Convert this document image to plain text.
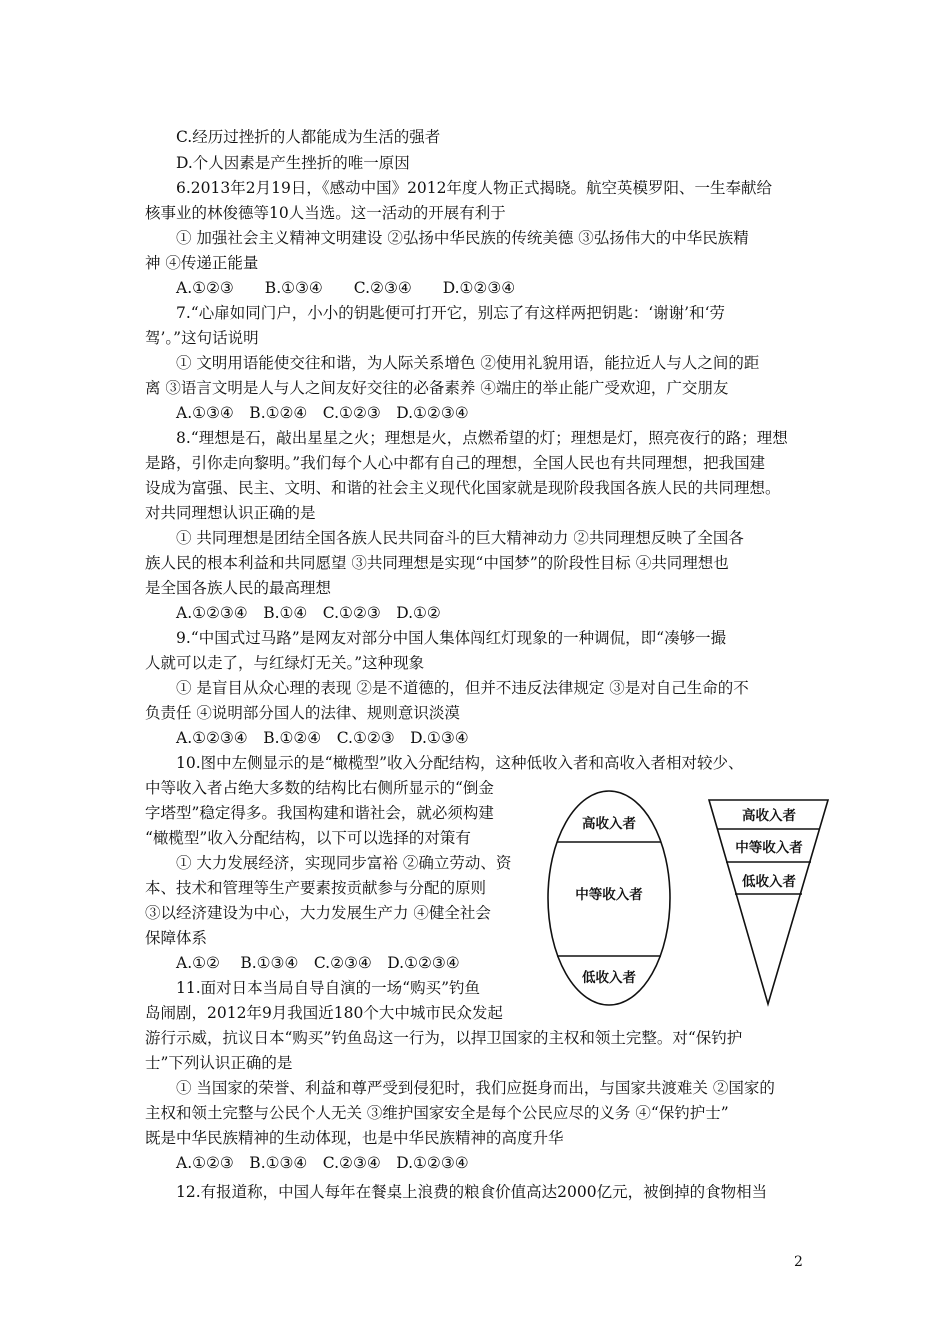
C.经历过挫折的人都能成为生活的强者
D.个人因素是产生挫折的唯一原因
6.2013年2月19日，《感动中国》2012年度人物正式揭晓。航空英模罗阳、一生奉献给
核事业的林俊德等10人当选。这一活动的开展有利于
① 加强社会主义精神文明建设 ②弘扬中华民族的传统美德 ③弘扬伟大的中华民族精
神 ④传递正能量
A.①②③　　B.①③④　　C.②③④　　D.①②③④
7.“心扉如同门户，小小的钥匙便可打开它，别忘了有这样两把钥匙：‘谢谢’和‘劳
驾’。”这句话说明
① 文明用语能使交往和谐，为人际关系增色 ②使用礼貌用语，能拉近人与人之间的距
离 ③语言文明是人与人之间友好交往的必备素养 ④端庄的举止能广受欢迎，广交朋友
A.①③④　B.①②④　C.①②③　D.①②③④
8.“理想是石，敲出星星之火；理想是火，点燃希望的灯；理想是灯，照亮夜行的路；理想
是路，引你走向黎明。”我们每个人心中都有自己的理想，全国人民也有共同理想，把我国建
设成为富强、民主、文明、和谐的社会主义现代化国家就是现阶段我国各族人民的共同理想。
对共同理想认识正确的是
① 共同理想是团结全国各族人民共同奋斗的巨大精神动力 ②共同理想反映了全国各
族人民的根本利益和共同愿望 ③共同理想是实现“中国梦”的阶段性目标 ④共同理想也
是全国各族人民的最高理想
A.①②③④　B.①④　C.①②③　D.①②
9.“中国式过马路”是网友对部分中国人集体闯红灯现象的一种调侃，即“凑够一撮
人就可以走了，与红绿灯无关。”这种现象
① 是盲目从众心理的表现 ②是不道德的，但并不违反法律规定 ③是对自己生命的不
负责任 ④说明部分国人的法律、规则意识淡漠
A.①②③④　B.①②④　C.①②③　D.①③④
10.图中左侧显示的是“橄榄型”收入分配结构，这种低收入者和高收入者相对较少、
中等收入者占绝大多数的结构比右侧所显示的“倒金
字塔型”稳定得多。我国构建和谐社会，就必须构建
“橄榄型”收入分配结构，以下可以选择的对策有
① 大力发展经济，实现同步富裕 ②确立劳动、资
本、技术和管理等生产要素按贡献参与分配的原则
③以经济建设为中心，大力发展生产力 ④健全社会
保障体系
A.①②　 B.①③④　C.②③④　D.①②③④
11.面对日本当局自导自演的一场“购买”钓鱼
岛闹剧，2012年9月我国近180个大中城市民众发起
游行示威，抗议日本“购买”钓鱼岛这一行为，以捍卫国家的主权和领土完整。对“保钓护
士”下列认识正确的是
① 当国家的荣誉、利益和尊严受到侵犯时，我们应挺身而出，与国家共渡难关 ②国家的
主权和领土完整与公民个人无关 ③维护国家安全是每个公民应尽的义务 ④“保钓护士”
既是中华民族精神的生动体现，也是中华民族精神的高度升华
A.①②③　B.①③④　C.②③④　D.①②③④
12.有报道称，中国人每年在餐桌上浪费的粮食价值高达2000亿元，被倒掉的食物相当
高收入者
中等收入者
低收入者
高收入者
中等收入者
低收入者
2
